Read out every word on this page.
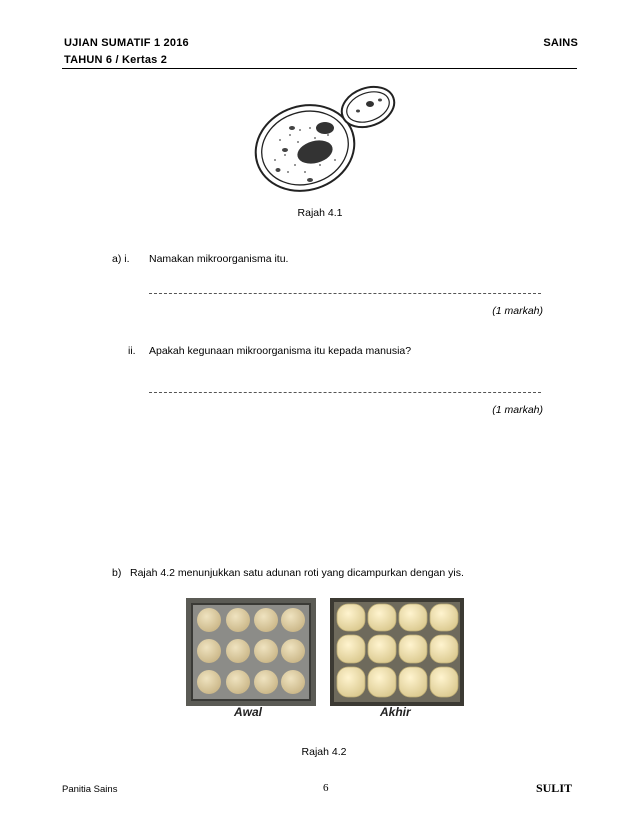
UJIAN SUMATIF 1 2016	SAINS
TAHUN 6 / Kertas 2
Rajah 4.1
a) i. Namakan mikroorganisma itu.
(1 markah)
ii. Apakah kegunaan mikroorganisma itu kepada manusia?
(1 markah)
b) Rajah 4.2 menunjukkan satu adunan roti yang dicampurkan dengan yis.
Awal	Akhir
Rajah 4.2
Panitia Sains	6	SULIT
